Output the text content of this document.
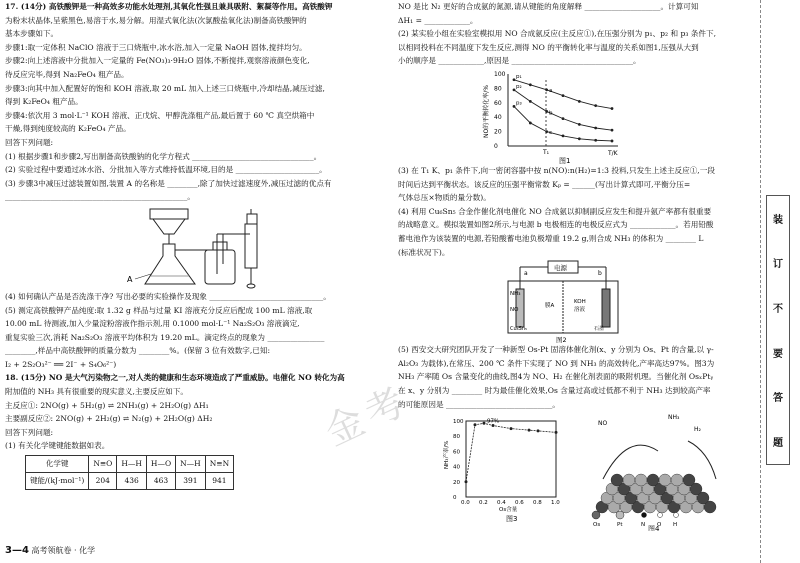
17. (14分) 高铁酸钾是一种高效多功能水处理剂,其氧化性强且兼具吸附、絮凝等作用。高铁酸钾
为粉末状晶体,呈紫黑色,易溶于水,易分解。用湿式氧化法(次氯酸盐氧化法)制备高铁酸钾的
基本步骤如下。
步骤1:取一定体积 NaClO 溶液于三口烧瓶中,冰水浴,加入一定量 NaOH 固体,搅拌均匀。
步骤2:向上述溶液中分批加入一定量的 Fe(NO₃)₃·9H₂O 固体,不断搅拌,观察溶液颜色变化,
待反应完毕,得到 Na₂FeO₄ 粗产品。
步骤3:向其中加入配置好的饱和 KOH 溶液,取 20 mL 加入上述三口烧瓶中,冷却结晶,减压过滤,
得到 K₂FeO₄ 粗产品。
步骤4:依次用 3 mol·L⁻¹ KOH 溶液、正戊烷、甲醇洗涤粗产品,最后置于 60 ℃ 真空烘箱中
干燥,得到纯度较高的 K₂FeO₄ 产品。
回答下列问题:
(1) 根据步骤1和步骤2,写出制备高铁酸钠的化学方程式 ________________________________。
(2) 实验过程中要通过冰水浴、分批加入等方式维持低温环境,目的是 ______________________。
(3) 步骤3中减压过滤装置如图,装置 A 的名称是 ________,除了加快过滤速度外,减压过滤的优点有
________________________________________________。
A
(4) 如何确认产品是否洗涤干净? 写出必要的实验操作及现象 ______________________________。
(5) 测定高铁酸钾产品纯度:取 1.32 g 样品与过量 KI 溶液充分反应后配成 100 mL 溶液,取
10.00 mL 待测液,加入少量淀粉溶液作指示剂,用 0.1000 mol·L⁻¹ Na₂S₂O₃ 溶液滴定,
重复实验三次,消耗 Na₂S₂O₃ 溶液平均体积为 19.20 mL。滴定终点的现象为 _______________
________,样品中高铁酸钾的质量分数为 ________%。(保留 3 位有效数字,已知:
I₂ + 2S₂O₃²⁻ ══ 2I⁻ + S₄O₆²⁻)
18. (15分) NO 是大气污染物之一,对人类的健康和生态环境造成了严重威胁。电催化 NO 转化为高
附加值的 NH₃ 具有很重要的现实意义,主要反应如下。
主反应①: 2NO(g) + 5H₂(g) ⇌ 2NH₃(g) + 2H₂O(g) ΔH₁
主要副反应②: 2NO(g) + 2H₂(g) ⇌ N₂(g) + 2H₂O(g) ΔH₂
回答下列问题:
(1) 有关化学键键能数据如表。
化学键	N≡O	H—H	H—O	N—H	N≡N
键能/(kJ·mol⁻¹)	204	436	463	391	941
NO 是比 N₂ 更好的合成氨的氮源,请从键能的角度解释 ____________________。计算可知
ΔH₁ = ____________。
(2) 某实验小组在实验室模拟用 NO 合成氨反应(主反应①),在压强分别为 p₁、p₂ 和 p₃ 条件下,
以相同投料在不同温度下发生反应,测得 NO 的平衡转化率与温度的关系如图1,压强从大到
小的顺序是 ____________,原因是 ________________________________。
100
80
60
40
20
0
NO的平衡转化率/%
T/K
图1
T₁
p₁
p₂
p₃
a
b
c
(3) 在 T₁ K、p₁ 条件下,向一密闭容器中按 n(NO):n(H₂)=1:3 投料,只发生上述主反应①,一段
时间后达到平衡状态。该反应的压强平衡常数 Kₚ = ______(写出计算式即可,平衡分压=
气体总压×物质的量分数)。
(4) 利用 Cu₆Sn₅ 合金作催化剂电催化 NO 合成氨以抑制副反应发生和提升氨产率都有很重要
的战略意义。模拟装置如图2所示,与电源 b 电极相连的电极反应式为 ____________。若用铅酸
蓄电池作为该装置的电源,若铅酸蓄电池负极增重 19.2 g,则合成 NH₃ 的体积为 ________ L
(标准状况下)。
电源
a	b
NH₃
NO
膜A
KOH
溶液
Cu₆Sn₅	石墨
图2
(5) 西安交大研究团队开发了一种新型 Os-Pt 固溶体催化剂(x、y 分别为 Os、Pt 的含量,以 γ-
Al₂O₃ 为载体),在常压、200 ℃ 条件下实现了 NO 到 NH₃ 的高效转化,产率高达97%。图3为
NH₃ 产率随 Os 含量变化的曲线,图4为 NO、H₂ 在催化剂表面的吸附机理。当催化剂 OsₓPtᵧ
在 x、y 分别为 ________ 时为最佳催化效果,Os 含量过高或过低都不利于 NH₃ 达到较高产率
的可能原因是 ____________________________。
100
80
60
40
20
0
0.0 0.2 0.4 0.6 0.8 1.0
NH₃产率/%
Os含量
图3
97%	NO
NH₃
H₂
Os	Pt	N O H
图4
装
订
不
要
答
题
金考
3—4 高考领航卷 · 化学
